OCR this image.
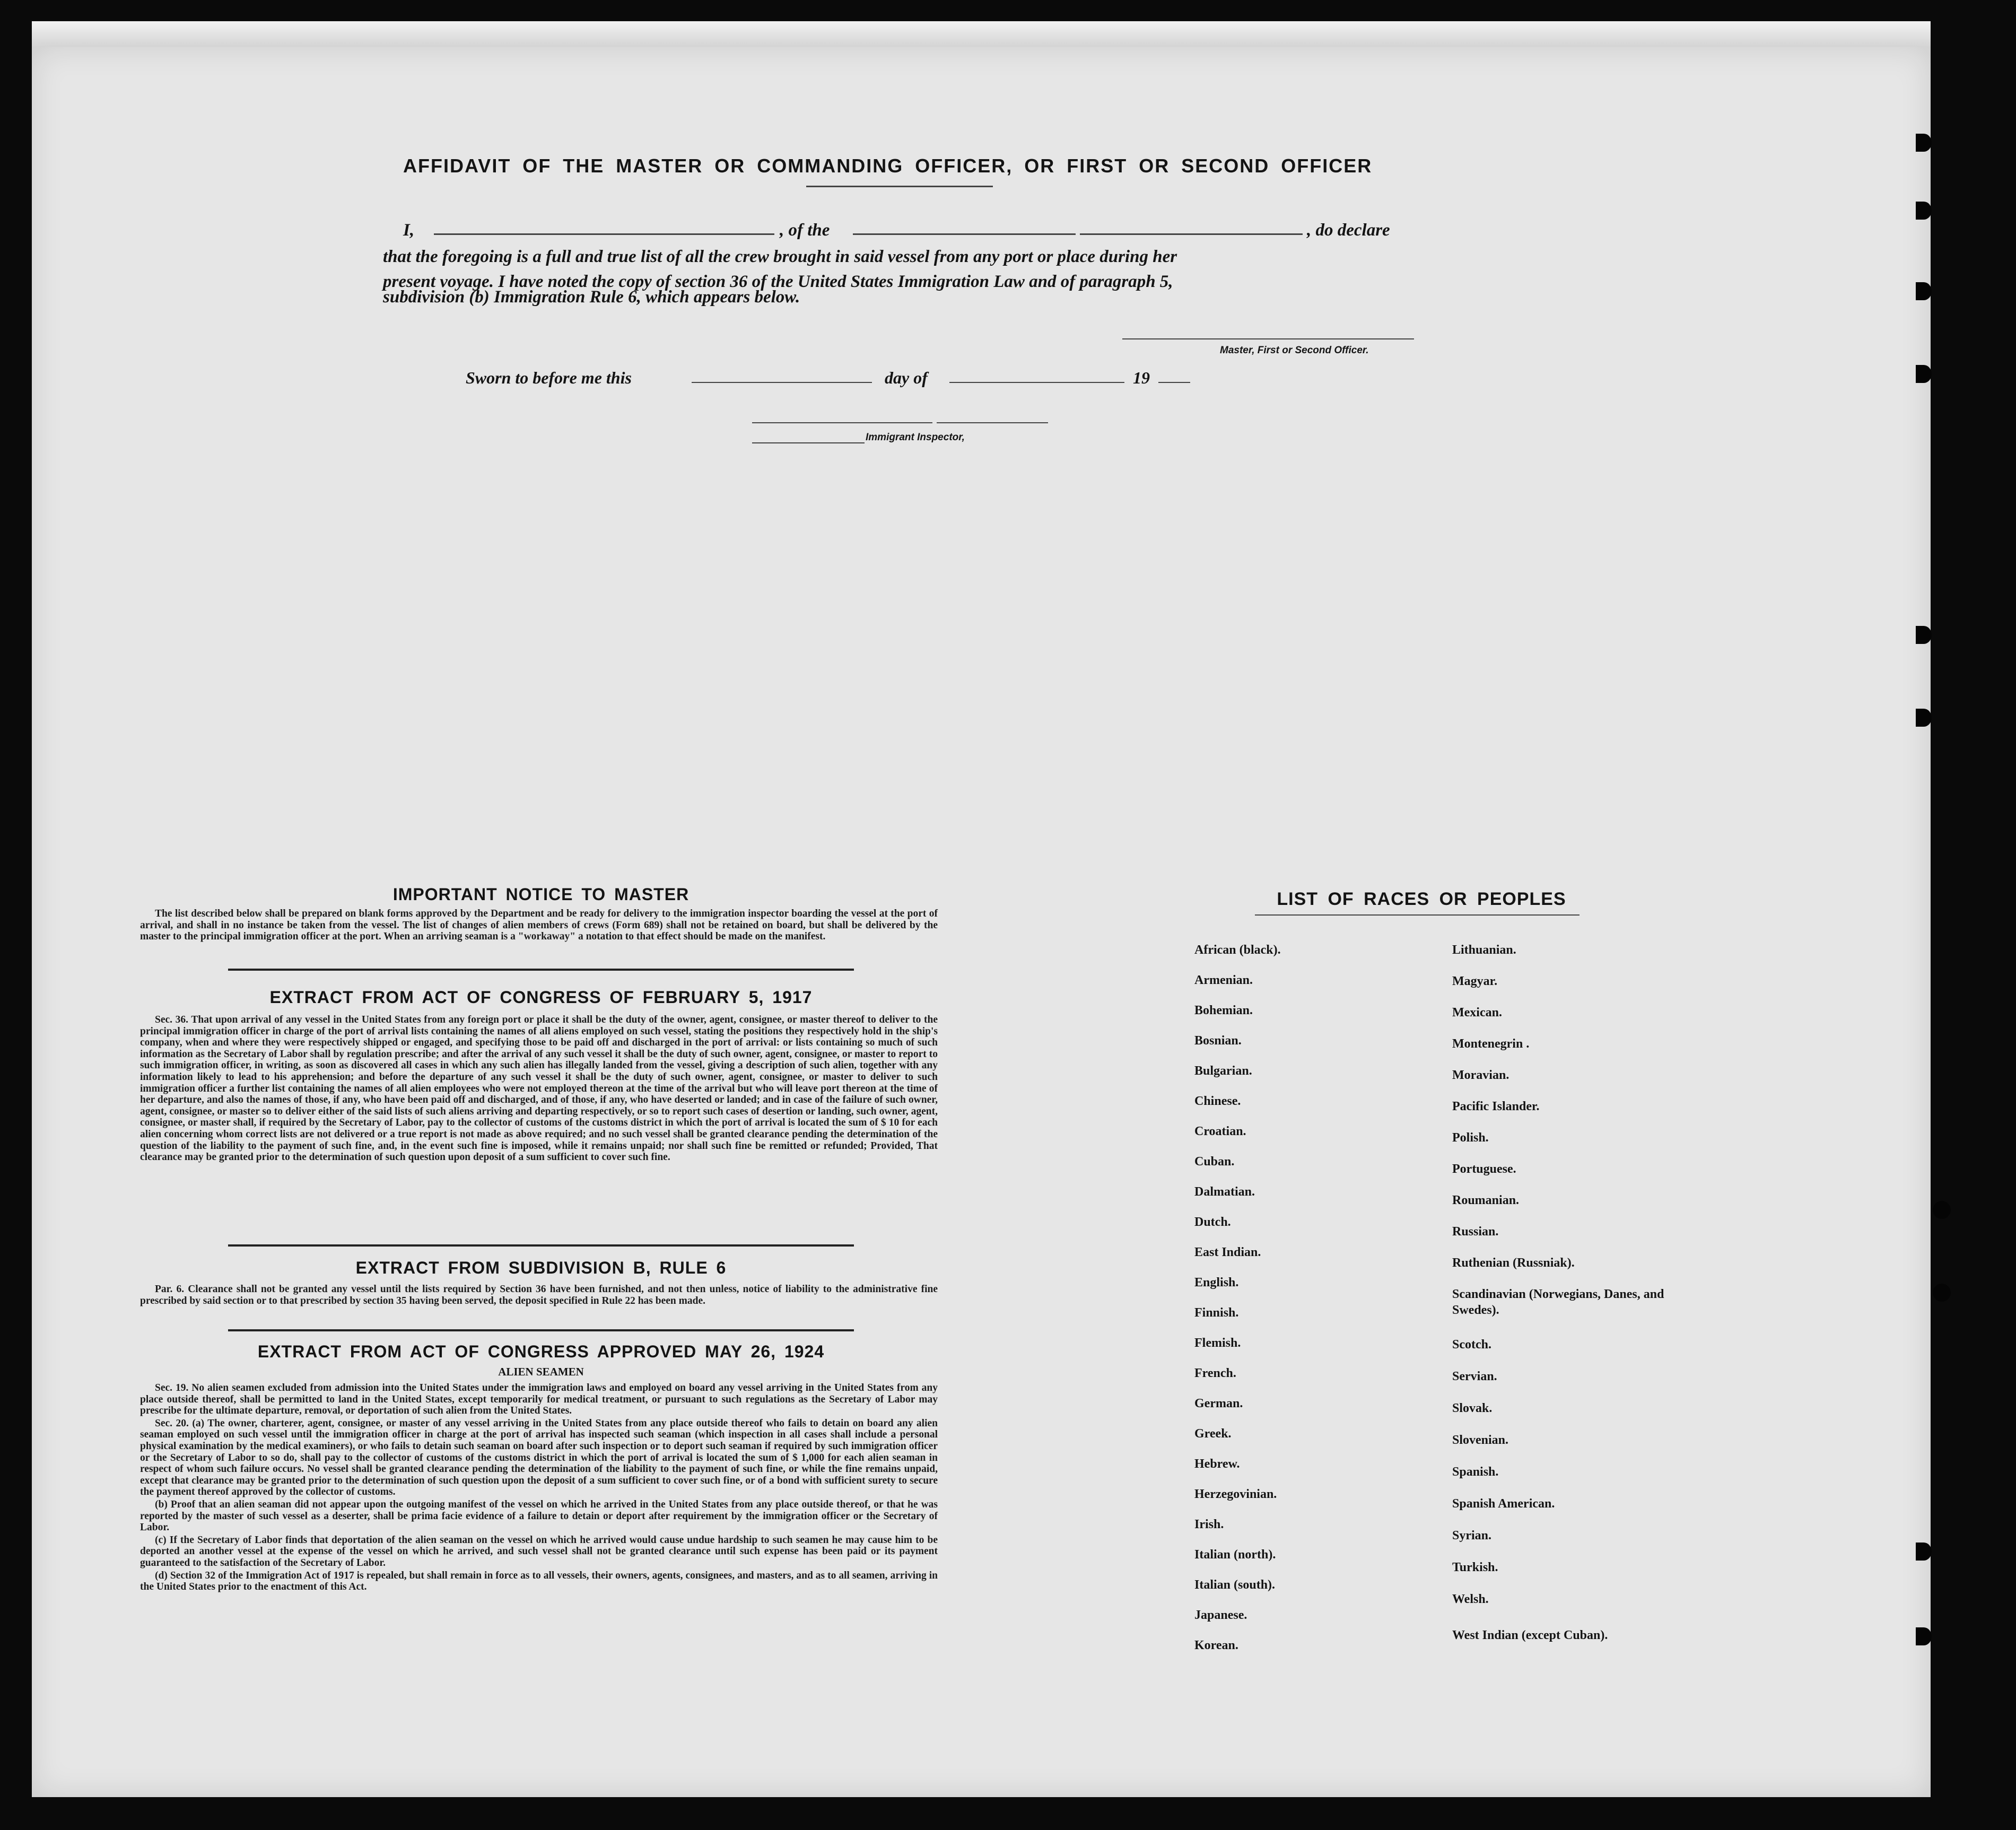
AFFIDAVIT OF THE MASTER OR COMMANDING OFFICER, OR FIRST OR SECOND OFFICER
I,	, of the	, do declare
that the foregoing is a full and true list of all the crew brought in said vessel from any port or place during her
present voyage. I have noted the copy of section 36 of the United States Immigration Law and of paragraph 5,
subdivision (b) Immigration Rule 6, which appears below.
Master, First or Second Officer.
Sworn to before me this	day of	19
Immigrant Inspector,
IMPORTANT NOTICE TO MASTER

The list described below shall be prepared on blank forms approved by the Department and be ready for delivery to the immigration inspector boarding the vessel at the port of arrival, and shall in no instance be taken from the vessel. The list of changes of alien members of crews (Form 689) shall not be retained on board, but shall be delivered by the master to the principal immigration officer at the port. When an arriving seaman is a "workaway" a notation to that effect should be made on the manifest.

EXTRACT FROM ACT OF CONGRESS OF FEBRUARY 5, 1917

Sec. 36. That upon arrival of any vessel in the United States from any foreign port or place it shall be the duty of the owner, agent, consignee, or master thereof to deliver to the principal immigration officer in charge of the port of arrival lists containing the names of all aliens employed on such vessel, stating the positions they respectively hold in the ship's company, when and where they were respectively shipped or engaged, and specifying those to be paid off and discharged in the port of arrival: or lists containing so much of such information as the Secretary of Labor shall by regulation prescribe; and after the arrival of any such vessel it shall be the duty of such owner, agent, consignee, or master to report to such immigration officer, in writing, as soon as discovered all cases in which any such alien has illegally landed from the vessel, giving a description of such alien, together with any information likely to lead to his apprehension; and before the departure of any such vessel it shall be the duty of such owner, agent, consignee, or master to deliver to such immigration officer a further list containing the names of all alien employees who were not employed thereon at the time of the arrival but who will leave port thereon at the time of her departure, and also the names of those, if any, who have been paid off and discharged, and of those, if any, who have deserted or landed; and in case of the failure of such owner, agent, consignee, or master so to deliver either of the said lists of such aliens arriving and departing respectively, or so to report such cases of desertion or landing, such owner, agent, consignee, or master shall, if required by the Secretary of Labor, pay to the collector of customs of the customs district in which the port of arrival is located the sum of $ 10 for each alien concerning whom correct lists are not delivered or a true report is not made as above required; and no such vessel shall be granted clearance pending the determination of the question of the liability to the payment of such fine, and, in the event such fine is imposed, while it remains unpaid; nor shall such fine be remitted or refunded; Provided, That clearance may be granted prior to the determination of such question upon deposit of a sum sufficient to cover such fine.

EXTRACT FROM SUBDIVISION B, RULE 6

Par. 6. Clearance shall not be granted any vessel until the lists required by Section 36 have been furnished, and not then unless, notice of liability to the administrative fine prescribed by said section or to that prescribed by section 35 having been served, the deposit specified in Rule 22 has been made.

EXTRACT FROM ACT OF CONGRESS APPROVED MAY 26, 1924
ALIEN SEAMEN

Sec. 19. No alien seamen excluded from admission into the United States under the immigration laws and employed on board any vessel arriving in the United States from any place outside thereof, shall be permitted to land in the United States, except temporarily for medical treatment, or pursuant to such regulations as the Secretary of Labor may prescribe for the ultimate departure, removal, or deportation of such alien from the United States.

Sec. 20. (a) The owner, charterer, agent, consignee, or master of any vessel arriving in the United States from any place outside thereof who fails to detain on board any alien seaman employed on such vessel until the immigration officer in charge at the port of arrival has inspected such seaman (which inspection in all cases shall include a personal physical examination by the medical examiners), or who fails to detain such seaman on board after such inspection or to deport such seaman if required by such immigration officer or the Secretary of Labor to so do, shall pay to the collector of customs of the customs district in which the port of arrival is located the sum of $ 1,000 for each alien seaman in respect of whom such failure occurs. No vessel shall be granted clearance pending the determination of the liability to the payment of such fine, or while the fine remains unpaid, except that clearance may be granted prior to the determination of such question upon the deposit of a sum sufficient to cover such fine, or of a bond with sufficient surety to secure the payment thereof approved by the collector of customs.

(b) Proof that an alien seaman did not appear upon the outgoing manifest of the vessel on which he arrived in the United States from any place outside thereof, or that he was reported by the master of such vessel as a deserter, shall be prima facie evidence of a failure to detain or deport after requirement by the immigration officer or the Secretary of Labor.

(c) If the Secretary of Labor finds that deportation of the alien seaman on the vessel on which he arrived would cause undue hardship to such seamen he may cause him to be deported an another vessel at the expense of the vessel on which he arrived, and such vessel shall not be granted clearance until such expense has been paid or its payment guaranteed to the satisfaction of the Secretary of Labor.

(d) Section 32 of the Immigration Act of 1917 is repealed, but shall remain in force as to all vessels, their owners, agents, consignees, and masters, and as to all seamen, arriving in the United States prior to the enactment of this Act.

LIST OF RACES OR PEOPLES
African (black).
Armenian.
Bohemian.
Bosnian.
Bulgarian.
Chinese.
Croatian.
Cuban.
Dalmatian.
Dutch.
East Indian.
English.
Finnish.
Flemish.
French.
German.
Greek.
Hebrew.
Herzegovinian.
Irish.
Italian (north).
Italian (south).
Japanese.
Korean.
Lithuanian.
Magyar.
Mexican.
Montenegrin .
Moravian.
Pacific Islander.
Polish.
Portuguese.
Roumanian.
Russian.
Ruthenian (Russniak).
Scandinavian (Norwegians, Danes, and Swedes).
Scotch.
Servian.
Slovak.
Slovenian.
Spanish.
Spanish American.
Syrian.
Turkish.
Welsh.
West Indian (except Cuban).
